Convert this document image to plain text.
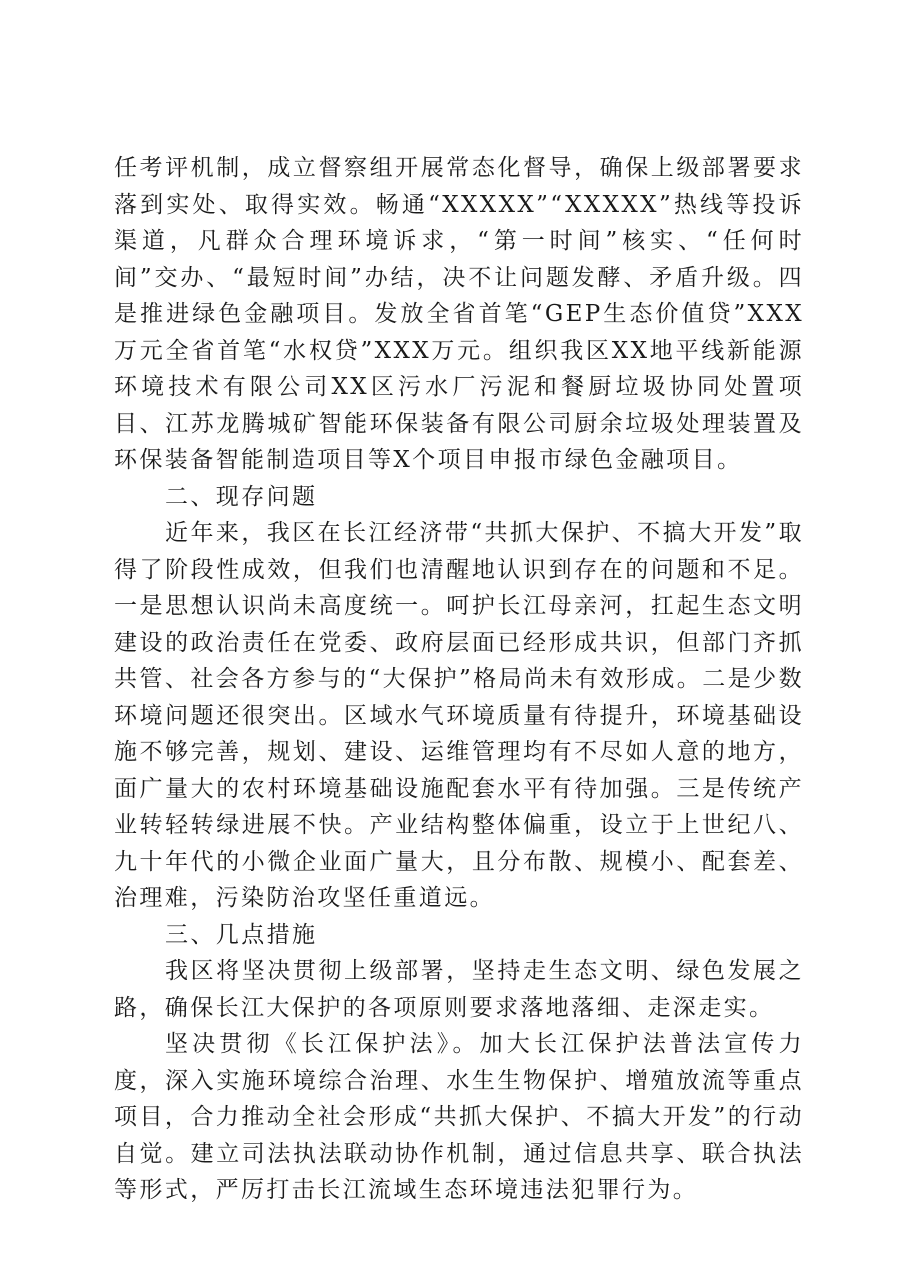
任考评机制，成立督察组开展常态化督导，确保上级部署要求落到实处、取得实效。畅通“XXXXX”“XXXXX”热线等投诉渠道，凡群众合理环境诉求，“第一时间”核实、“任何时间”交办、“最短时间”办结，决不让问题发酵、矛盾升级。四是推进绿色金融项目。发放全省首笔“GEP生态价值贷”XXX万元全省首笔“水权贷”XXX万元。组织我区XX地平线新能源环境技术有限公司XX区污水厂污泥和餐厨垃圾协同处置项目、江苏龙腾城矿智能环保装备有限公司厨余垃圾处理装置及环保装备智能制造项目等X个项目申报市绿色金融项目。

二、现存问题

近年来，我区在长江经济带“共抓大保护、不搞大开发”取得了阶段性成效，但我们也清醒地认识到存在的问题和不足。一是思想认识尚未高度统一。呵护长江母亲河，扛起生态文明建设的政治责任在党委、政府层面已经形成共识，但部门齐抓共管、社会各方参与的“大保护”格局尚未有效形成。二是少数环境问题还很突出。区域水气环境质量有待提升，环境基础设施不够完善，规划、建设、运维管理均有不尽如人意的地方，面广量大的农村环境基础设施配套水平有待加强。三是传统产业转轻转绿进展不快。产业结构整体偏重，设立于上世纪八、九十年代的小微企业面广量大，且分布散、规模小、配套差、治理难，污染防治攻坚任重道远。

三、几点措施

我区将坚决贯彻上级部署，坚持走生态文明、绿色发展之路，确保长江大保护的各项原则要求落地落细、走深走实。

坚决贯彻《长江保护法》。加大长江保护法普法宣传力度，深入实施环境综合治理、水生生物保护、增殖放流等重点项目，合力推动全社会形成“共抓大保护、不搞大开发”的行动自觉。建立司法执法联动协作机制，通过信息共享、联合执法等形式，严厉打击长江流域生态环境违法犯罪行为。
